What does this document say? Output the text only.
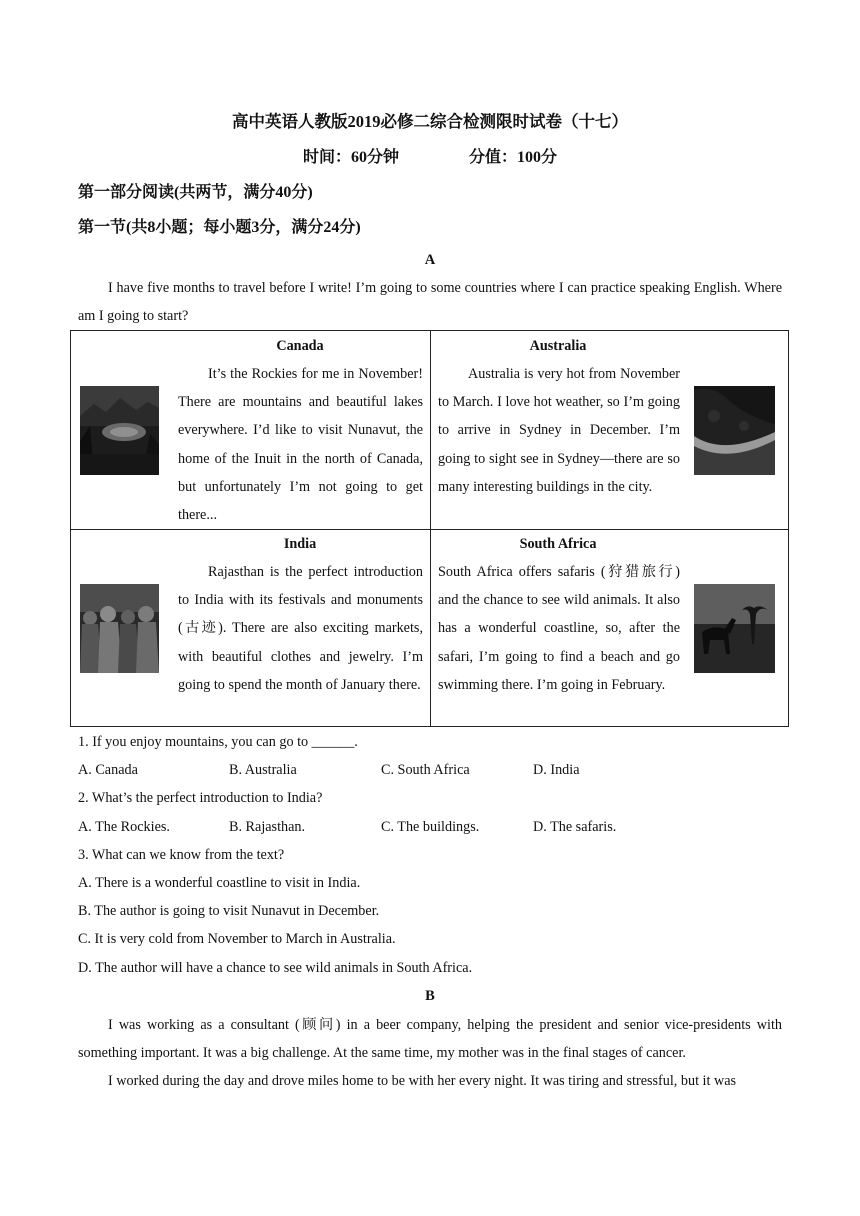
高中英语人教版2019必修二综合检测限时试卷（十七）
时间：60分钟	分值：100分
第一部分阅读(共两节，满分40分)
第一节(共8小题；每小题3分，满分24分)
A

I have five months to travel before I write! I’m going to some countries where I can practice speaking English. Where am I going to start?

Canada
It’s the Rockies for me in November! There are mountains and beautiful lakes everywhere. I’d like to visit Nunavut, the home of the Inuit in the north of Canada, but unfortunately I’m not going to get there...
Australia
Australia is very hot from November to March. I love hot weather, so I’m going to arrive in Sydney in December. I’m going to sight see in Sydney—there are so many interesting buildings in the city.
India
Rajasthan is the perfect introduction to India with its festivals and monuments (古迹). There are also exciting markets, with beautiful clothes and jewelry. I’m going to spend the month of January there.
South Africa
South Africa offers safaris (狩猎旅行) and the chance to see wild animals. It also has a wonderful coastline, so, after the safari, I’m going to find a beach and go swimming there. I’m going in February.
1. If you enjoy mountains, you can go to ______.
A. Canada	B. Australia	C. South Africa	D. India
2. What’s the perfect introduction to India?
A. The Rockies.	B. Rajasthan.	C. The buildings.	D. The safaris.
3. What can we know from the text?
A. There is a wonderful coastline to visit in India.
B. The author is going to visit Nunavut in December.
C. It is very cold from November to March in Australia.
D. The author will have a chance to see wild animals in South Africa.
B

I was working as a consultant (顾问) in a beer company, helping the president and senior vice-presidents with something important. It was a big challenge. At the same time, my mother was in the final stages of cancer.

I worked during the day and drove miles home to be with her every night. It was tiring and stressful, but it was
